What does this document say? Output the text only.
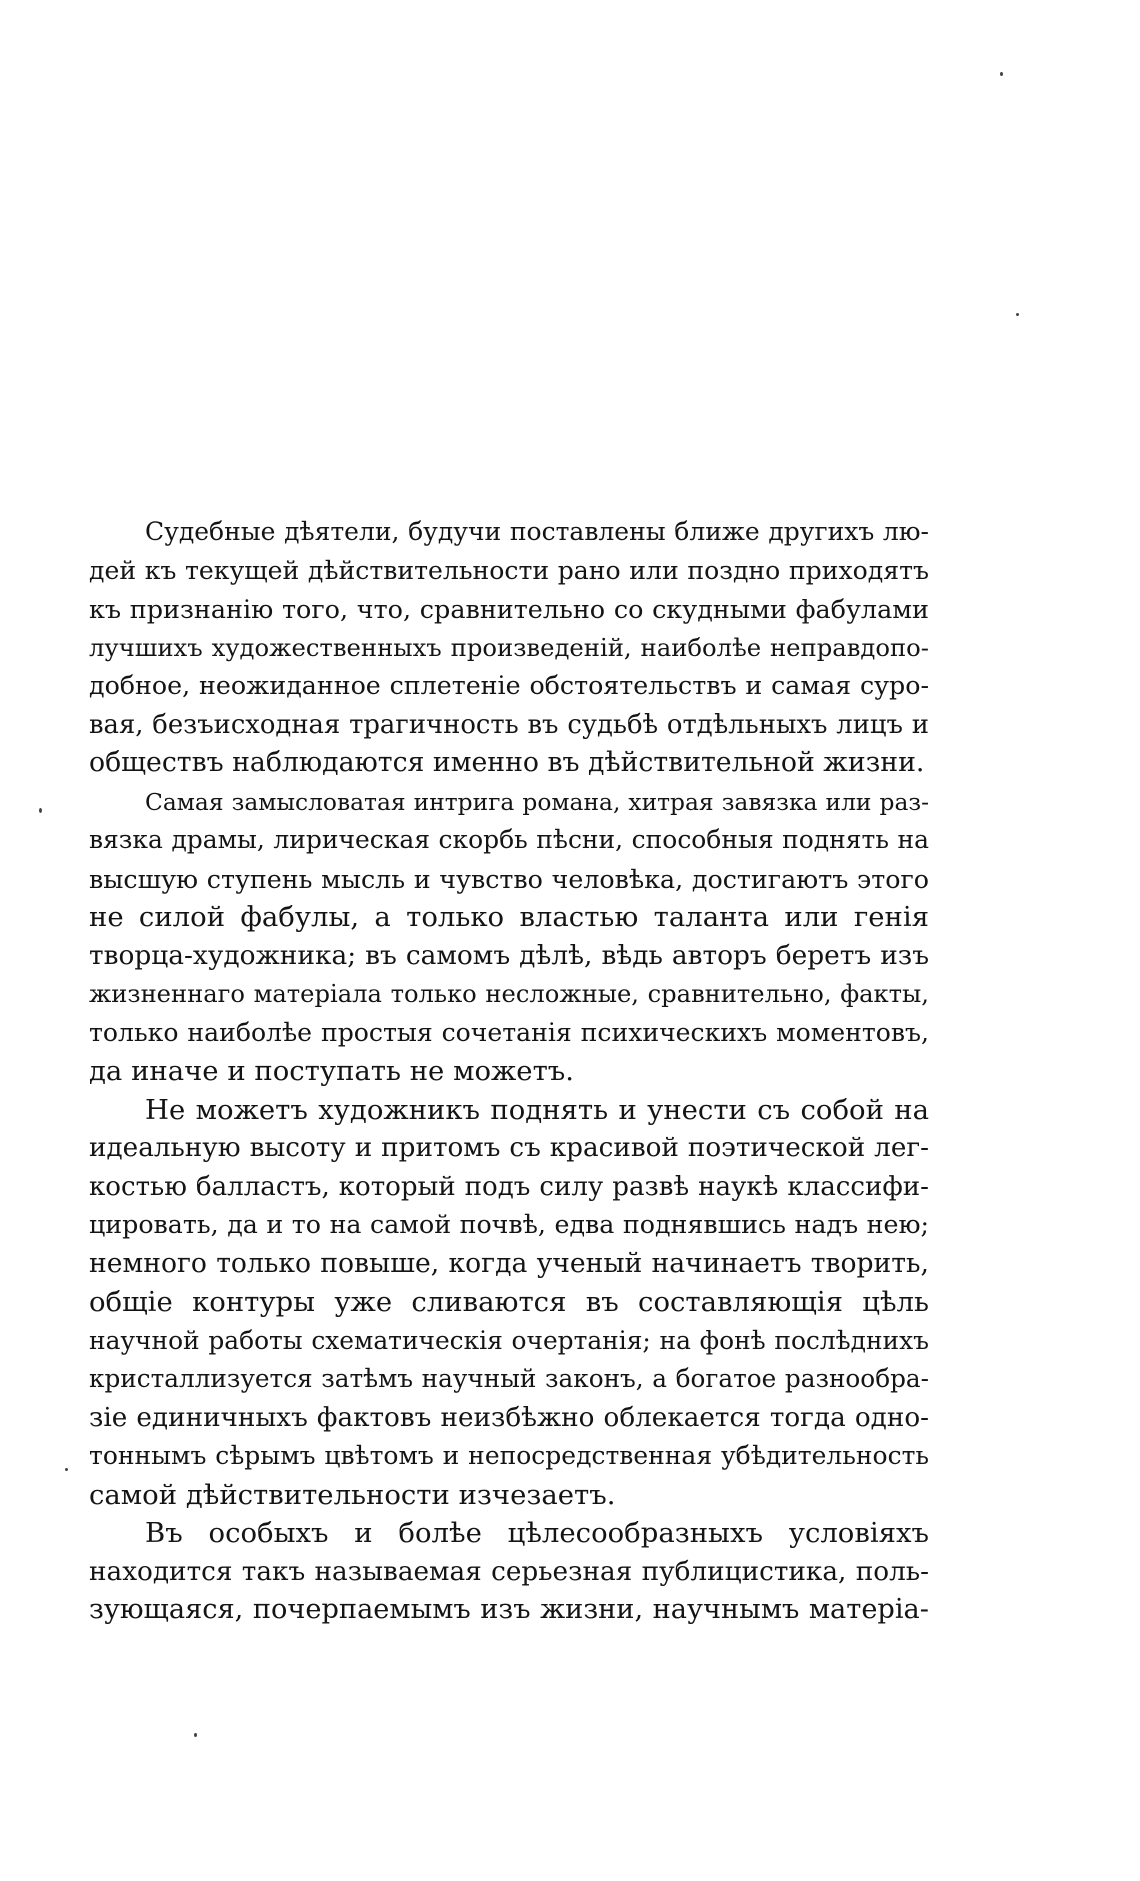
Судебные дѣятели, будучи поставлены ближе другихъ лю-
дей къ текущей дѣйствительности рано или поздно приходятъ
къ признанію того, что, сравнительно со скудными фабулами
лучшихъ художественныхъ произведеній, наиболѣе неправдопо-
добное, неожиданное сплетеніе обстоятельствъ и самая суро-
вая, безъисходная трагичность въ судьбѣ отдѣльныхъ лицъ и
обществъ наблюдаются именно въ дѣйствительной жизни.
Самая замысловатая интрига романа, хитрая завязка или раз-
вязка драмы, лирическая скорбь пѣсни, способныя поднять на
высшую ступень мысль и чувство человѣка, достигаютъ этого
не силой фабулы, а только властью таланта или генія
творца-художника; въ самомъ дѣлѣ, вѣдь авторъ беретъ изъ
жизненнаго матеріала только несложные, сравнительно, факты,
только наиболѣе простыя сочетанія психическихъ моментовъ,
да иначе и поступать не можетъ.
Не можетъ художникъ поднять и унести съ собой на
идеальную высоту и притомъ съ красивой поэтической лег-
костью балластъ, который подъ силу развѣ наукѣ классифи-
цировать, да и то на самой почвѣ, едва поднявшись надъ нею;
немного только повыше, когда ученый начинаетъ творить,
общіе контуры уже сливаются въ составляющія цѣль
научной работы схематическія очертанія; на фонѣ послѣднихъ
кристаллизуется затѣмъ научный законъ, а богатое разнообра-
зіе единичныхъ фактовъ неизбѣжно облекается тогда одно-
тоннымъ сѣрымъ цвѣтомъ и непосредственная убѣдительность
самой дѣйствительности изчезаетъ.
Въ особыхъ и болѣе цѣлесообразныхъ условіяхъ
находится такъ называемая серьезная публицистика, поль-
зующаяся, почерпаемымъ изъ жизни, научнымъ матеріа-
